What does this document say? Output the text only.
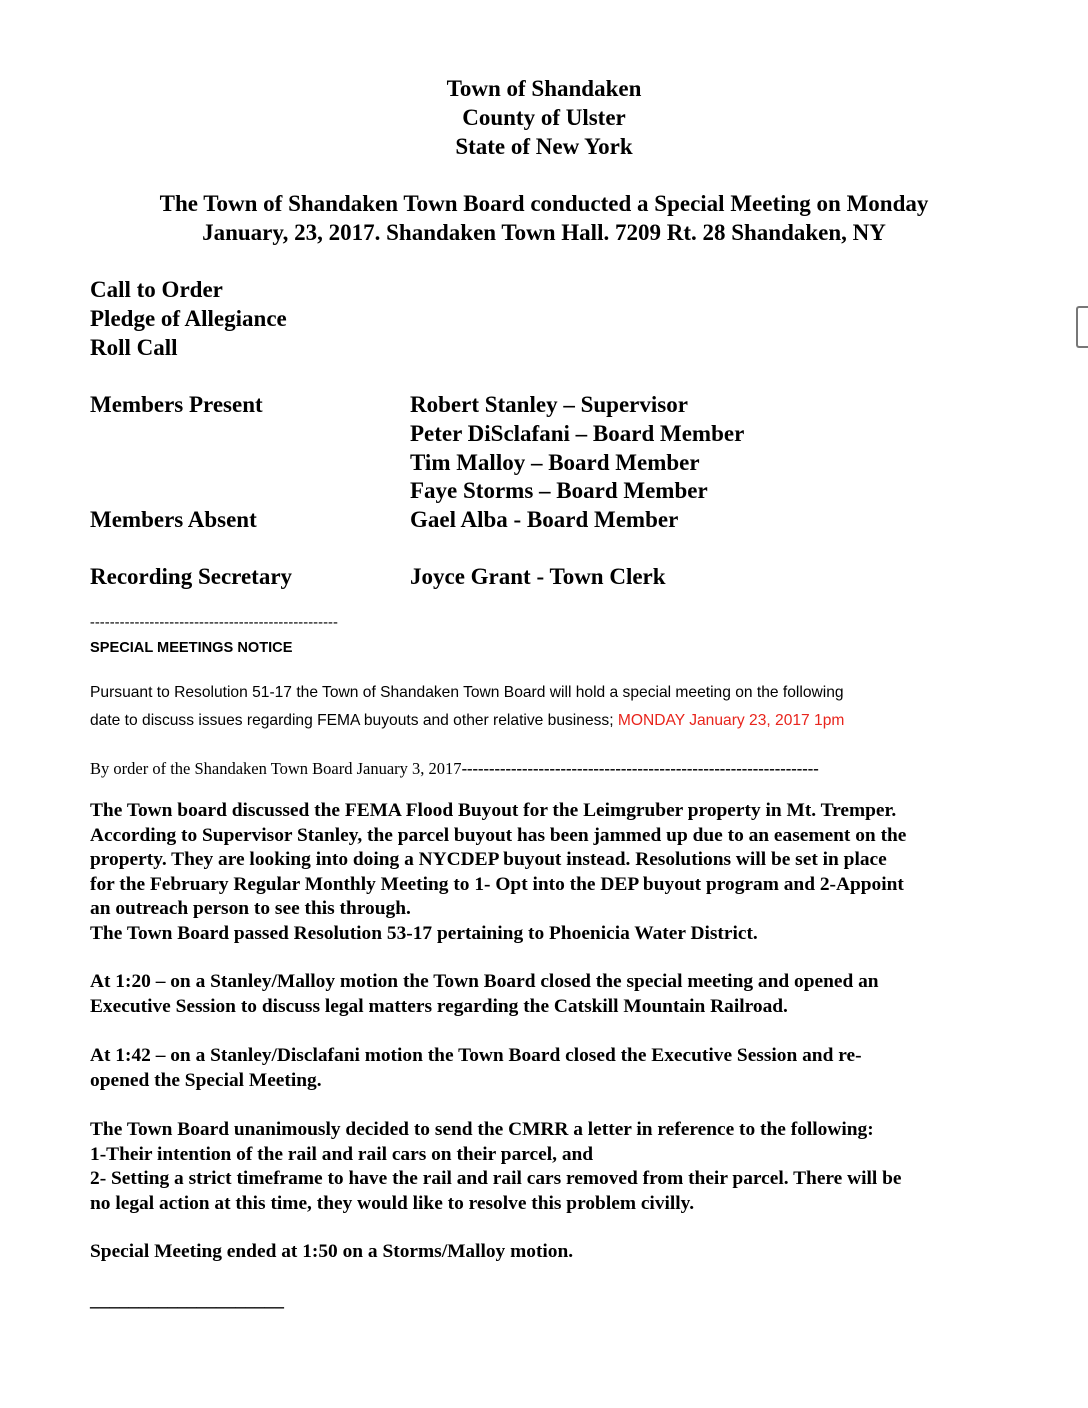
Town of Shandaken
County of Ulster
State of New York
The Town of Shandaken Town Board conducted a Special Meeting on Monday
January, 23, 2017. Shandaken Town Hall. 7209 Rt. 28 Shandaken, NY
Call to Order
Pledge of Allegiance
Roll Call
Members Present	Robert Stanley – Supervisor
Peter DiSclafani – Board Member
Tim Malloy – Board Member
Faye Storms – Board Member
Members Absent	Gael Alba - Board Member
Recording Secretary	Joyce Grant - Town Clerk
--------------------------------------------------
SPECIAL MEETINGS NOTICE
Pursuant to Resolution 51-17 the Town of Shandaken Town Board will hold a special meeting on the following
date to discuss issues regarding FEMA buyouts and other relative business; MONDAY January 23, 2017 1pm
By order of the Shandaken Town Board January 3, 2017-----------------------------------------------------------------
The Town board discussed the FEMA Flood Buyout for the Leimgruber property in Mt. Tremper.
According to Supervisor Stanley, the parcel buyout has been jammed up due to an easement on the
property. They are looking into doing a NYCDEP buyout instead. Resolutions will be set in place
for the February Regular Monthly Meeting to 1- Opt into the DEP buyout program and 2-Appoint
an outreach person to see this through.
The Town Board passed Resolution 53-17 pertaining to Phoenicia Water District.
At 1:20 – on a Stanley/Malloy motion the Town Board closed the special meeting and opened an
Executive Session to discuss legal matters regarding the Catskill Mountain Railroad.
At 1:42 – on a Stanley/Disclafani motion the Town Board closed the Executive Session and re-
opened the Special Meeting.
The Town Board unanimously decided to send the CMRR a letter in reference to the following:
1-Their intention of the rail and rail cars on their parcel, and
2- Setting a strict timeframe to have the rail and rail cars removed from their parcel. There will be
no legal action at this time, they would like to resolve this problem civilly.
Special Meeting ended at 1:50 on a Storms/Malloy motion.
____________________
